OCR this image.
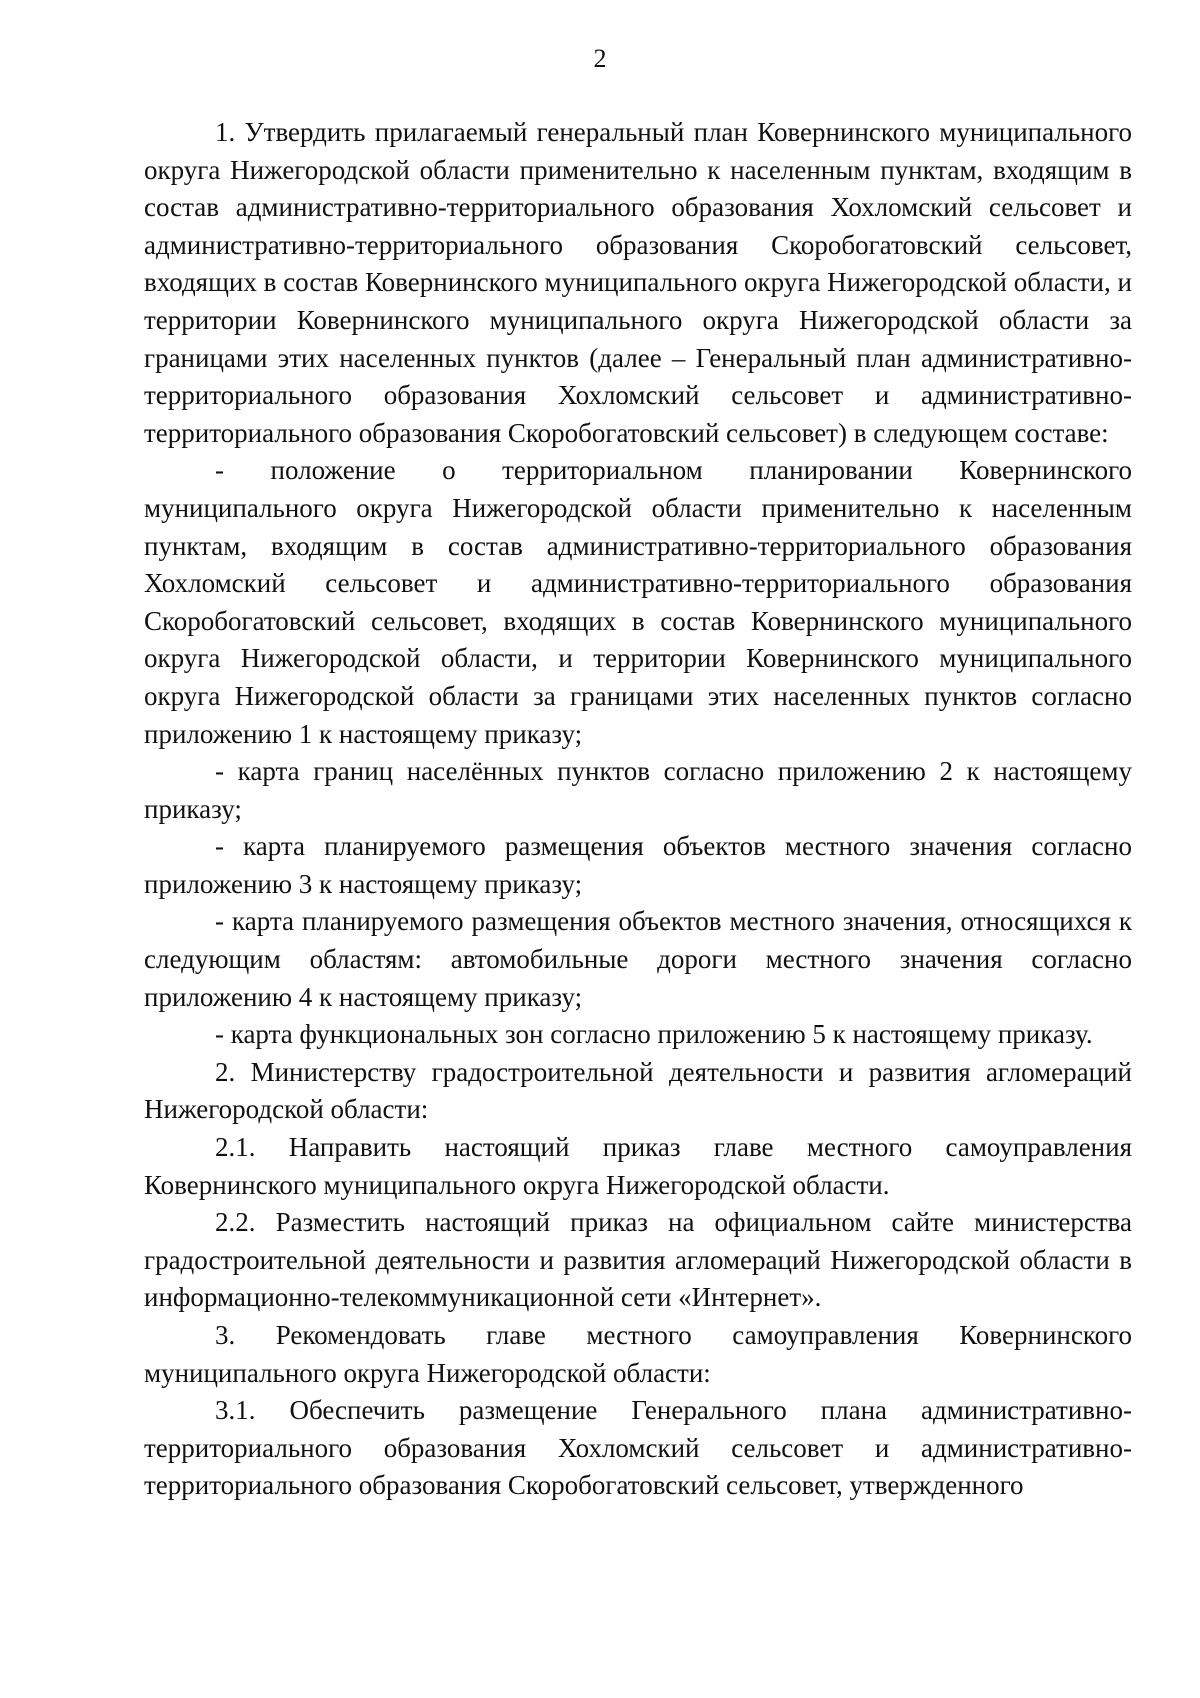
2

1. Утвердить прилагаемый генеральный план Ковернинского муниципального округа Нижегородской области применительно к населенным пунктам, входящим в состав административно-территориального образования Хохломский сельсовет и административно-территориального образования Скоробогатовский сельсовет, входящих в состав Ковернинского муниципального округа Нижегородской области, и территории Ковернинского муниципального округа Нижегородской области за границами этих населенных пунктов (далее – Генеральный план административно-территориального образования Хохломский сельсовет и административно-территориального образования Скоробогатовский сельсовет) в следующем составе:

- положение о территориальном планировании Ковернинского муниципального округа Нижегородской области применительно к населенным пунктам, входящим в состав административно-территориального образования Хохломский сельсовет и административно-территориального образования Скоробогатовский сельсовет, входящих в состав Ковернинского муниципального округа Нижегородской области, и территории Ковернинского муниципального округа Нижегородской области за границами этих населенных пунктов согласно приложению 1 к настоящему приказу;

- карта границ населённых пунктов согласно приложению 2 к настоящему приказу;

- карта планируемого размещения объектов местного значения согласно приложению 3 к настоящему приказу;

- карта планируемого размещения объектов местного значения, относящихся к следующим областям: автомобильные дороги местного значения согласно приложению 4 к настоящему приказу;

- карта функциональных зон согласно приложению 5 к настоящему приказу.

2. Министерству градостроительной деятельности и развития агломераций Нижегородской области:

2.1. Направить настоящий приказ главе местного самоуправления Ковернинского муниципального округа Нижегородской области.

2.2. Разместить настоящий приказ на официальном сайте министерства градостроительной деятельности и развития агломераций Нижегородской области в информационно-телекоммуникационной сети «Интернет».

3. Рекомендовать главе местного самоуправления Ковернинского муниципального округа Нижегородской области:

3.1. Обеспечить размещение Генерального плана административно-территориального образования Хохломский сельсовет и административно-территориального образования Скоробогатовский сельсовет, утвержденного
